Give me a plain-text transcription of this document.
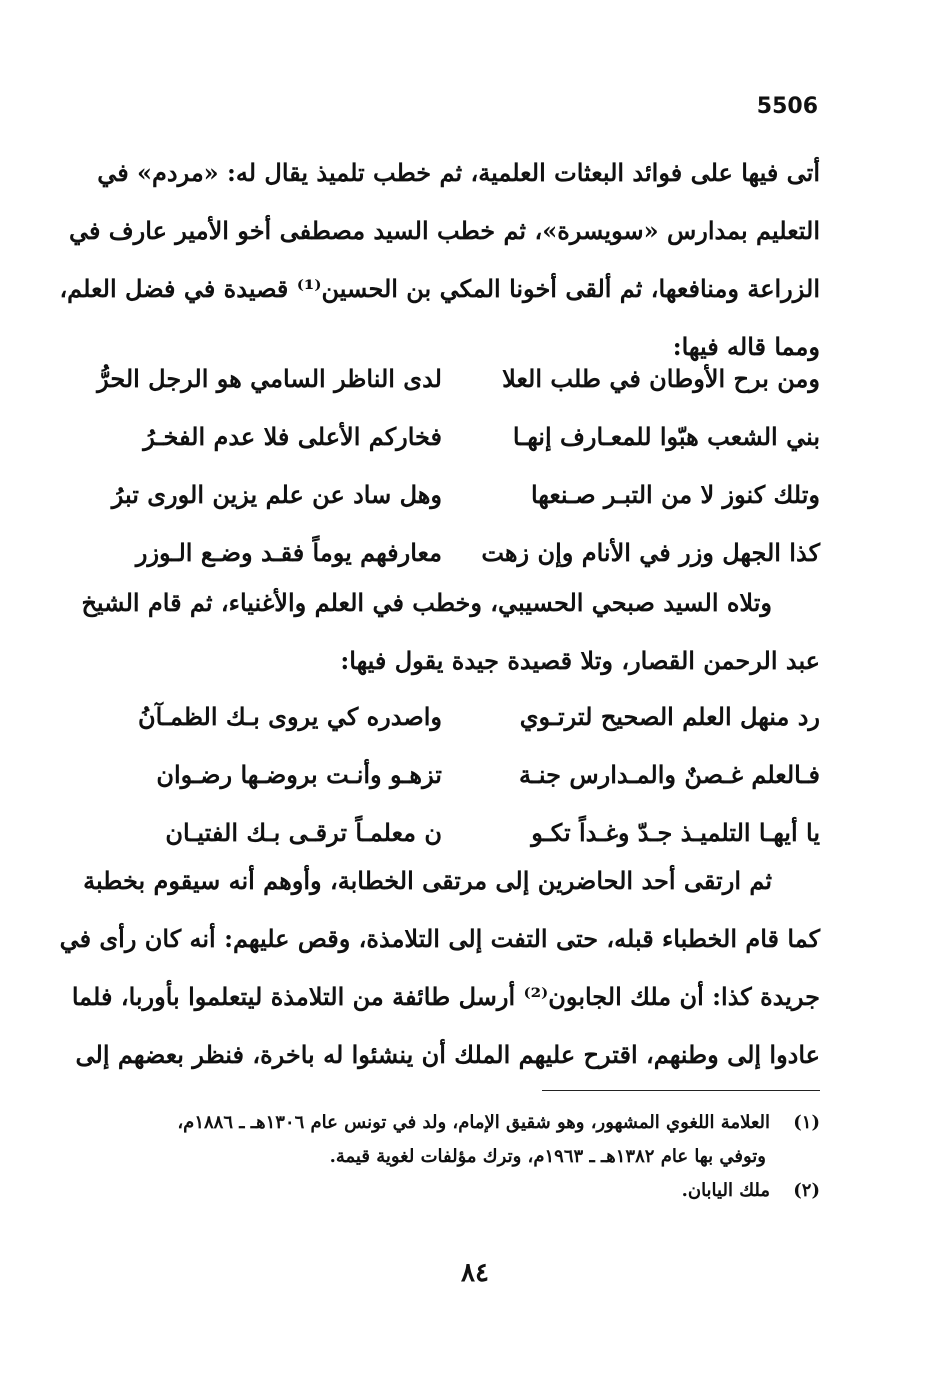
5506
أتى فيها على فوائد البعثات العلمية، ثم خطب تلميذ يقال له: «مردم» في
التعليم بمدارس «سويسرة»، ثم خطب السيد مصطفى أخو الأمير عارف في
الزراعة ومنافعها، ثم ألقى أخونا المكي بن الحسين⁽¹⁾ قصيدة في فضل العلم،
ومما قاله فيها:
ومن برح الأوطان في طلب العلا
لدى الناظر السامي هو الرجل الحرُّ
بني الشعب هبّوا للمعـارف إنهـا
فخاركم الأعلى فلا عدم الفخـرُ
وتلك كنوز لا من التبـر صـنعها
وهل ساد عن علم يزين الورى تبرُ
كذا الجهل وزر في الأنام وإن زهت
معارفهم يوماً فقـد وضـع الـوزر
وتلاه السيد صبحي الحسيبي، وخطب في العلم والأغنياء، ثم قام الشيخ
عبد الرحمن القصار، وتلا قصيدة جيدة يقول فيها:
رد منهل العلم الصحيح لترتـوي
واصدره كي يروى بـك الظمـآنُ
فـالعلم غـصنٌ والمـدارس جنـة
تزهـو وأنـت بروضـها رضـوان
يا أيهـا التلميـذ جـدّ وغـداً تكـو
ن معلمـاً ترقـى بـك الفتيـان
ثم ارتقى أحد الحاضرين إلى مرتقى الخطابة، وأوهم أنه سيقوم بخطبة
كما قام الخطباء قبله، حتى التفت إلى التلامذة، وقص عليهم: أنه كان رأى في
جريدة كذا: أن ملك الجابون⁽²⁾ أرسل طائفة من التلامذة ليتعلموا بأوربا، فلما
عادوا إلى وطنهم، اقترح عليهم الملك أن ينشئوا له باخرة، فنظر بعضهم إلى
(١)العلامة اللغوي المشهور، وهو شقيق الإمام، ولد في تونس عام ١٣٠٦هـ ـ ١٨٨٦م،
وتوفي بها عام ١٣٨٢هـ ـ ١٩٦٣م، وترك مؤلفات لغوية قيمة.
(٢)ملك اليابان.
٨٤
